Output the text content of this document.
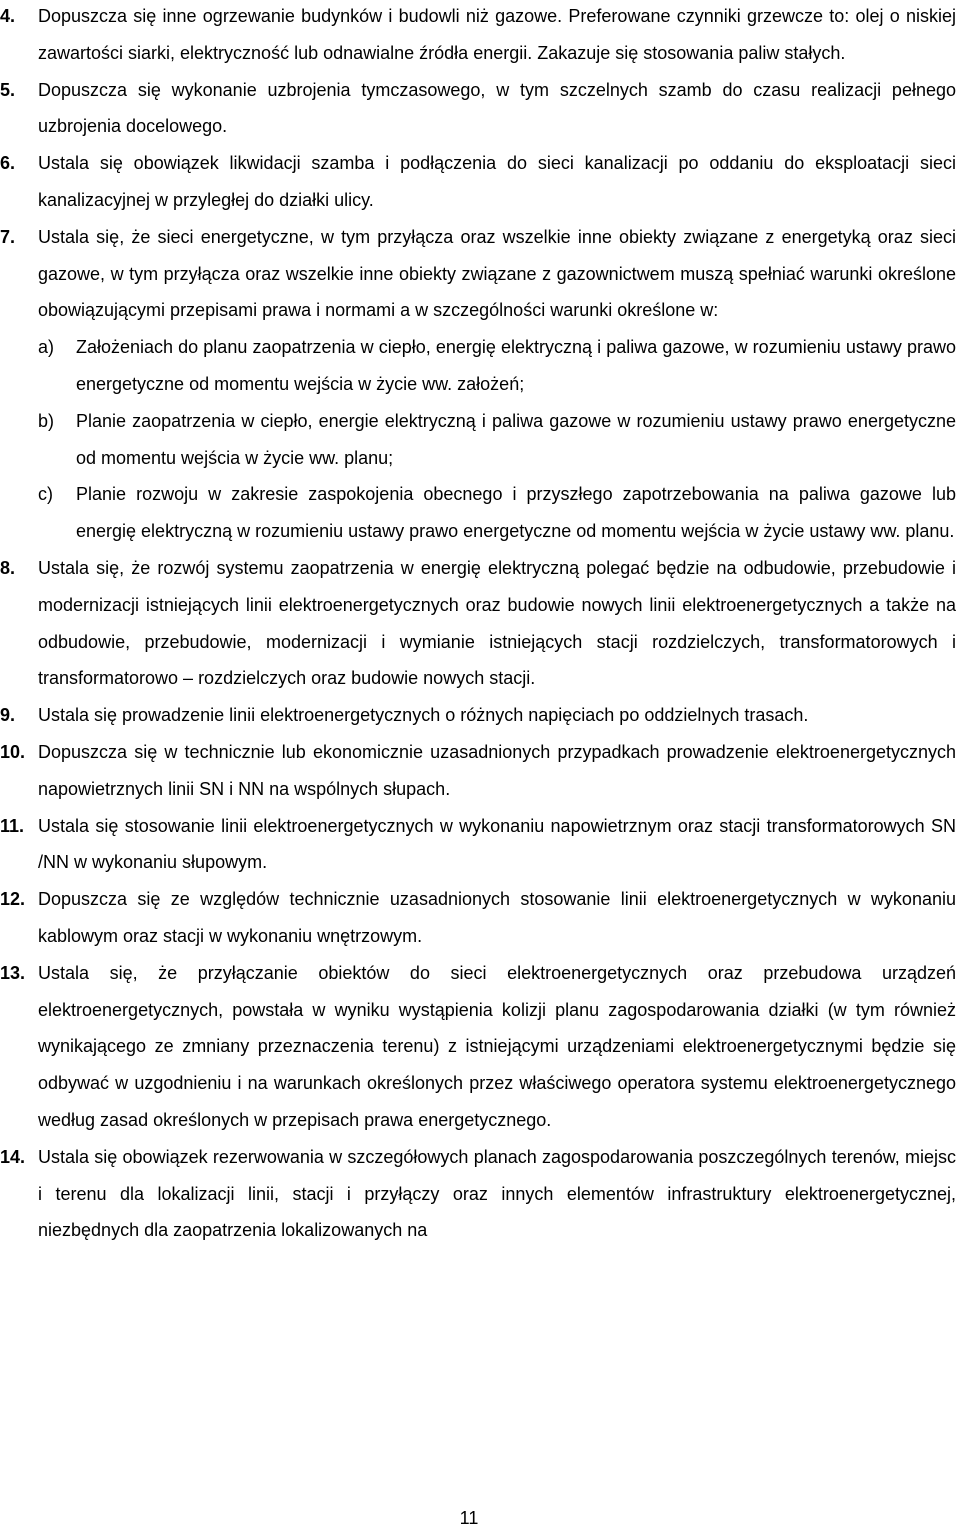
4.	Dopuszcza się inne ogrzewanie budynków i budowli niż gazowe. Preferowane czynniki grzewcze to: olej o niskiej zawartości siarki, elektryczność lub odnawialne źródła energii. Zakazuje się stosowania paliw stałych.

5.	Dopuszcza się wykonanie uzbrojenia tymczasowego, w tym szczelnych szamb do czasu realizacji pełnego uzbrojenia docelowego.

6.	Ustala się obowiązek likwidacji szamba i podłączenia do sieci kanalizacji po oddaniu do eksploatacji sieci kanalizacyjnej w przyległej do działki ulicy.

7.	Ustala się, że sieci energetyczne, w tym przyłącza oraz wszelkie inne obiekty związane z energetyką oraz sieci gazowe, w tym przyłącza oraz wszelkie inne obiekty związane z gazownictwem muszą spełniać warunki określone obowiązującymi przepisami prawa i normami a w szczególności warunki określone w:

a)	Założeniach do planu zaopatrzenia w ciepło, energię elektryczną i paliwa gazowe, w rozumieniu ustawy prawo energetyczne od momentu wejścia w życie ww. założeń;
b)	Planie zaopatrzenia w ciepło, energie elektryczną i paliwa gazowe w rozumieniu ustawy prawo energetyczne od momentu wejścia w życie ww. planu;
c)	Planie rozwoju w zakresie zaspokojenia obecnego i przyszłego zapotrzebowania na paliwa gazowe lub energię elektryczną w rozumieniu ustawy prawo energetyczne od momentu wejścia w życie ustawy ww. planu.
8.	Ustala się, że rozwój systemu zaopatrzenia w energię elektryczną polegać będzie na odbudowie, przebudowie i modernizacji istniejących linii elektroenergetycznych oraz budowie nowych linii elektroenergetycznych a także na odbudowie, przebudowie, modernizacji i wymianie istniejących stacji rozdzielczych, transformatorowych i transformatorowo – rozdzielczych oraz budowie nowych stacji.

9.	Ustala się prowadzenie linii elektroenergetycznych o różnych napięciach po oddzielnych trasach.

10. Dopuszcza się w technicznie lub ekonomicznie uzasadnionych przypadkach prowadzenie elektroenergetycznych napowietrznych linii SN i NN na wspólnych słupach.

11. Ustala się stosowanie linii elektroenergetycznych w wykonaniu napowietrznym oraz stacji transformatorowych SN /NN w wykonaniu słupowym.

12. Dopuszcza się ze względów technicznie uzasadnionych stosowanie linii elektroenergetycznych w wykonaniu kablowym oraz stacji w wykonaniu wnętrzowym.

13. Ustala się, że przyłączanie obiektów do sieci elektroenergetycznych oraz przebudowa urządzeń elektroenergetycznych, powstała w wyniku wystąpienia kolizji planu zagospodarowania działki (w tym również wynikającego ze zmniany przeznaczenia terenu) z istniejącymi urządzeniami elektroenergetycznymi będzie się odbywać w uzgodnieniu i na warunkach określonych przez właściwego operatora systemu elektroenergetycznego według zasad określonych w przepisach prawa energetycznego.

14. Ustala się obowiązek rezerwowania w szczegółowych planach zagospodarowania poszczególnych terenów, miejsc i terenu dla lokalizacji linii, stacji i przyłączy oraz innych elementów infrastruktury elektroenergetycznej, niezbędnych dla zaopatrzenia lokalizowanych na

11
